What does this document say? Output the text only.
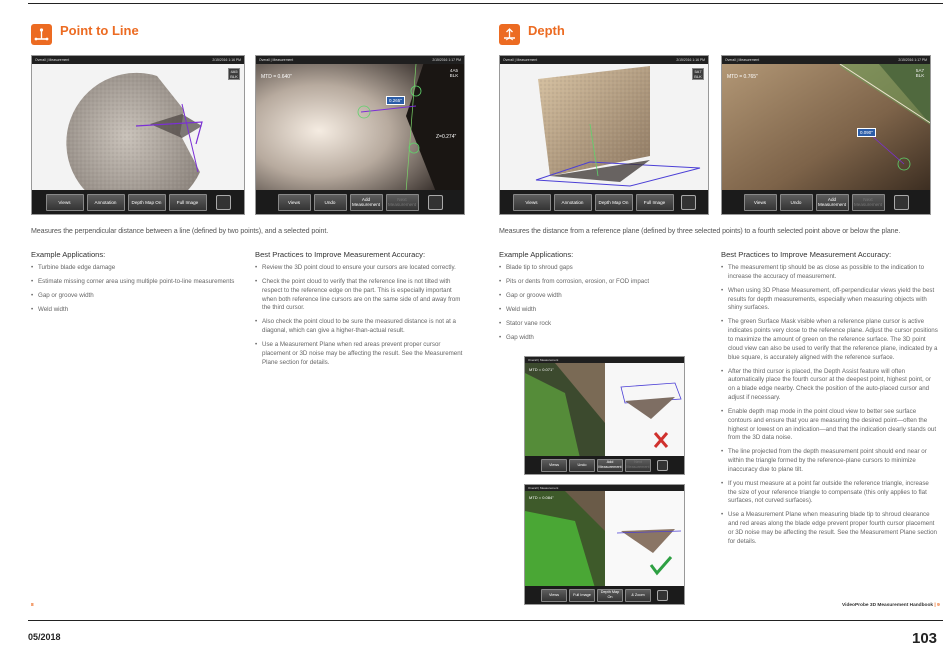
Point to Line
Overall | Measurement	2/15/2016 1:16 PM
4A5 BLK
Views	Annotation	Depth Map On	Full Image
Overall | Measurement	2/15/2016 1:17 PM
MTD = 0.640"
4A5 BLK
0.265"
Z=0.274"
Views	Undo	Add Measurement
Next Measurement
Measures the perpendicular distance between a line (defined by two points), and a selected point.
Example Applications:
• Turbine blade edge damage
• Estimate missing corner area using multiple point-to-line measurements
• Gap or groove width
• Weld width
Best Practices to Improve Measurement Accuracy:
• Review the 3D point cloud to ensure your cursors are located correctly.
• Check the point cloud to verify that the reference line is not tilted with respect to the reference edge on the part. This is especially important when both reference line cursors are on the same side of and away from the third cursor.
• Also check the point cloud to be sure the measured distance is not at a diagonal, which can give a higher-than-actual result.
• Use a Measurement Plane when red areas prevent proper cursor placement or 3D noise may be affecting the result. See the Measurement Plane section for details.
8
Depth
Overall | Measurement	2/15/2016 1:16 PM
5A7 BLK
Views	Annotation	Depth Map On	Full Image
Overall | Measurement	2/15/2016 1:17 PM
MTD = 0.765"
5A7 BLK
0.090"
Views	Undo	Add Measurement
Next Measurement
Measures the distance from a reference plane (defined by three selected points) to a fourth selected point above or below the plane.
Example Applications:
• Blade tip to shroud gaps
• Pits or dents from corrosion, erosion, or FOD impact
• Gap or groove width
• Weld width
• Stator vane rock
• Gap width
Overall | Measurement
MTD = 0.071"
Views	Undo
Add Measurement
Next Measurement
Overall | Measurement
MTD = 0.084"
Views	Full Image
Depth Map On
& Zoom
Best Practices to Improve Measurement Accuracy:
• The measurement tip should be as close as possible to the indication to increase the accuracy of measurement.
• When using 3D Phase Measurement, off-perpendicular views yield the best results for depth measurements, especially when measuring objects with shiny surfaces.
• The green Surface Mask visible when a reference plane cursor is active indicates points very close to the reference plane. Adjust the cursor positions to maximize the amount of green on the reference surface. The 3D point cloud view can also be used to verify that the reference plane, indicated by a blue square, is accurately aligned with the reference surface.
• After the third cursor is placed, the Depth Assist feature will often automatically place the fourth cursor at the deepest point, highest point, or on a blade edge nearby. Check the position of the auto-placed cursor and adjust if necessary.
• Enable depth map mode in the point cloud view to better see surface contours and ensure that you are measuring the desired point—often the highest or lowest on an indication—and that the indication clearly stands out from the 3D data noise.
• The line projected from the depth measurement point should end near or within the triangle formed by the reference-plane cursors to minimize inaccuracy due to plane tilt.
• If you must measure at a point far outside the reference triangle, increase the size of your reference triangle to compensate (this only applies to flat surfaces, not curved surfaces).
• Use a Measurement Plane when measuring blade tip to shroud clearance and red areas along the blade edge prevent proper fourth cursor placement or 3D noise may be affecting the result. See the Measurement Plane section for details.
VideoProbe 3D Measurement Handbook | 9
05/2018	103
